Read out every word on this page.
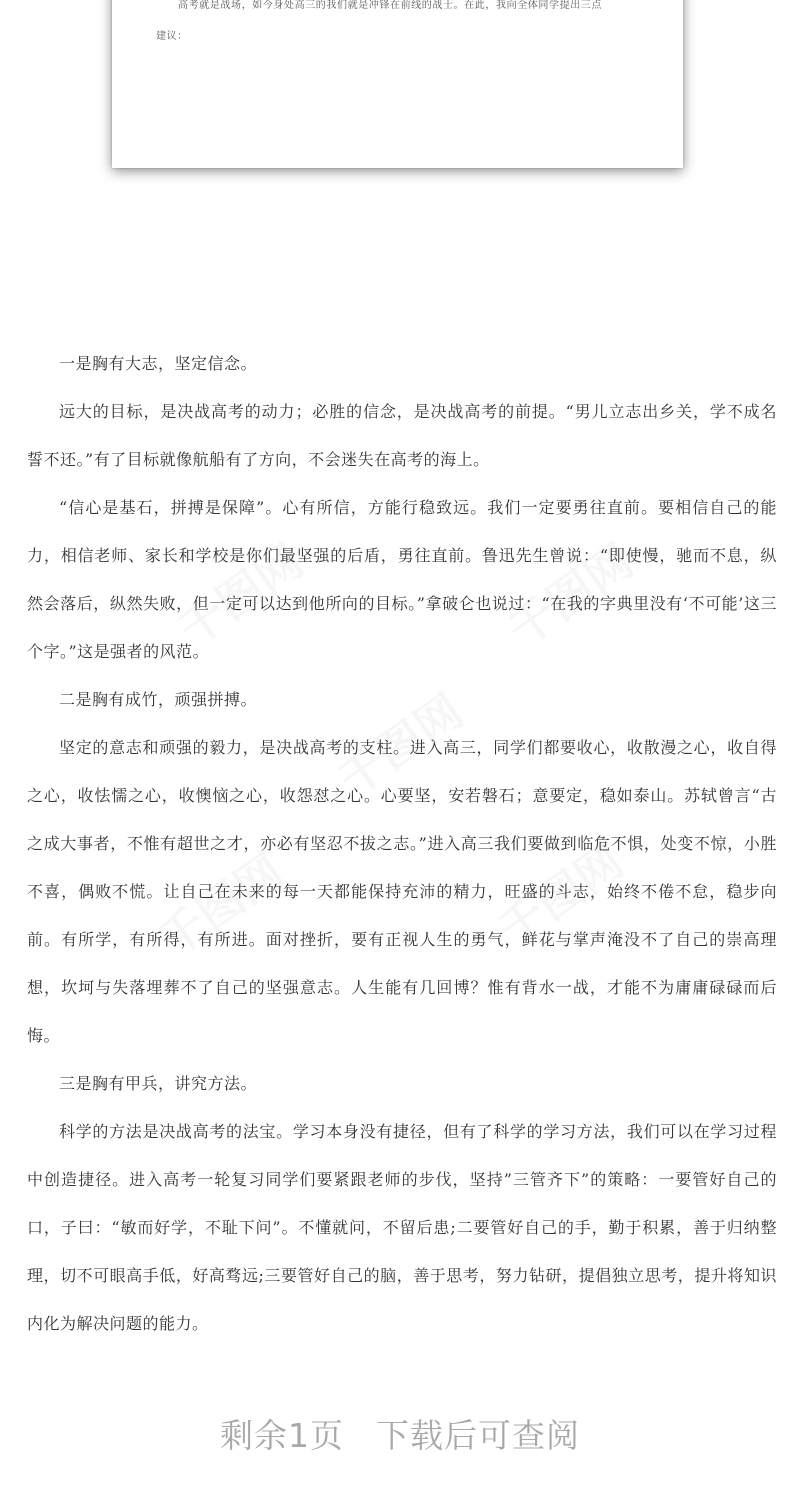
高考就是战场，如今身处高三的我们就是冲锋在前线的战士。在此，我向全体同学提出三点
建议：

一是胸有大志，坚定信念。

远大的目标，是决战高考的动力；必胜的信念，是决战高考的前提。“男儿立志出乡关，学不成名誓不还。”有了目标就像航船有了方向，不会迷失在高考的海上。

“信心是基石，拼搏是保障”。心有所信，方能行稳致远。我们一定要勇往直前。要相信自己的能力，相信老师、家长和学校是你们最坚强的后盾，勇往直前。鲁迅先生曾说：“即使慢，驰而不息，纵然会落后，纵然失败，但一定可以达到他所向的目标。”拿破仑也说过：“在我的字典里没有‘不可能’这三个字。”这是强者的风范。

二是胸有成竹，顽强拼搏。

坚定的意志和顽强的毅力，是决战高考的支柱。进入高三，同学们都要收心，收散漫之心，收自得之心，收怯懦之心，收懊恼之心，收怨怼之心。心要坚，安若磐石；意要定，稳如泰山。苏轼曾言“古之成大事者，不惟有超世之才，亦必有坚忍不拔之志。”进入高三我们要做到临危不惧，处变不惊，小胜不喜，偶败不慌。让自己在未来的每一天都能保持充沛的精力，旺盛的斗志，始终不倦不怠，稳步向前。有所学，有所得，有所进。面对挫折，要有正视人生的勇气，鲜花与掌声淹没不了自己的崇高理想，坎坷与失落埋葬不了自己的坚强意志。人生能有几回博？惟有背水一战，才能不为庸庸碌碌而后悔。

三是胸有甲兵，讲究方法。

科学的方法是决战高考的法宝。学习本身没有捷径，但有了科学的学习方法，我们可以在学习过程中创造捷径。进入高考一轮复习同学们要紧跟老师的步伐，坚持”三管齐下”的策略：一要管好自己的口，子曰：“敏而好学，不耻下问”。不懂就问，不留后患;二要管好自己的手，勤于积累，善于归纳整理，切不可眼高手低，好高骛远;三要管好自己的脑，善于思考，努力钻研，提倡独立思考，提升将知识内化为解决问题的能力。

剩余1页 下载后可查阅
